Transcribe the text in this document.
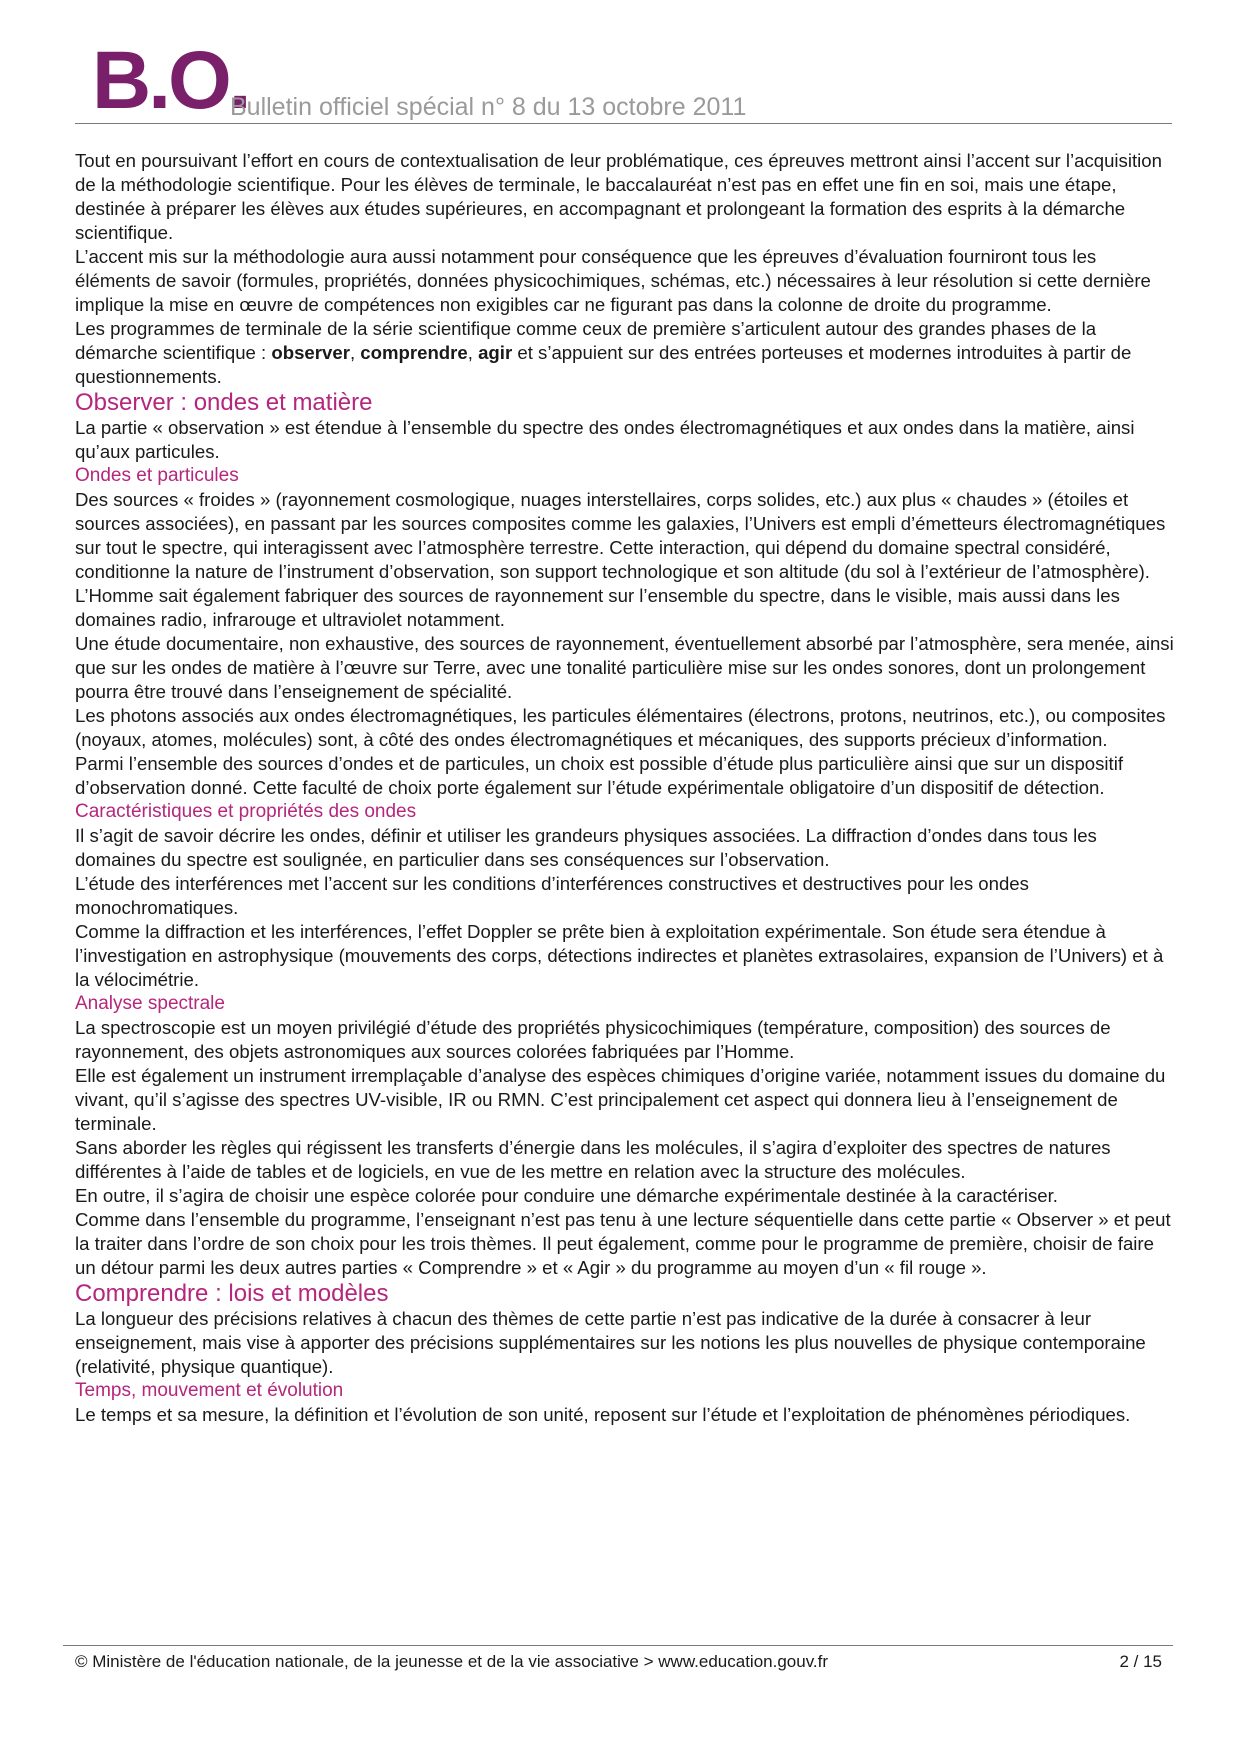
B.O.
Bulletin officiel spécial n° 8 du 13 octobre 2011

Tout en poursuivant l’effort en cours de contextualisation de leur problématique, ces épreuves mettront ainsi l’accent sur l’acquisition de la méthodologie scientifique. Pour les élèves de terminale, le baccalauréat n’est pas en effet une fin en soi, mais une étape, destinée à préparer les élèves aux études supérieures, en accompagnant et prolongeant la formation des esprits à la démarche scientifique.

L’accent mis sur la méthodologie aura aussi notamment pour conséquence que les épreuves d’évaluation fourniront tous les éléments de savoir (formules, propriétés, données physicochimiques, schémas, etc.) nécessaires à leur résolution si cette dernière implique la mise en œuvre de compétences non exigibles car ne figurant pas dans la colonne de droite du programme.

Les programmes de terminale de la série scientifique comme ceux de première s’articulent autour des grandes phases de la démarche scientifique : observer, comprendre, agir et s’appuient sur des entrées porteuses et modernes introduites à partir de questionnements.

Observer : ondes et matière

La partie « observation » est étendue à l’ensemble du spectre des ondes électromagnétiques et aux ondes dans la matière, ainsi qu’aux particules.

Ondes et particules

Des sources « froides » (rayonnement cosmologique, nuages interstellaires, corps solides, etc.) aux plus « chaudes » (étoiles et sources associées), en passant par les sources composites comme les galaxies, l’Univers est empli d’émetteurs électromagnétiques sur tout le spectre, qui interagissent avec l’atmosphère terrestre. Cette interaction, qui dépend du domaine spectral considéré, conditionne la nature de l’instrument d’observation, son support technologique et son altitude (du sol à l’extérieur de l’atmosphère).

L’Homme sait également fabriquer des sources de rayonnement sur l’ensemble du spectre, dans le visible, mais aussi dans les domaines radio, infrarouge et ultraviolet notamment.

Une étude documentaire, non exhaustive, des sources de rayonnement, éventuellement absorbé par l’atmosphère, sera menée, ainsi que sur les ondes de matière à l’œuvre sur Terre, avec une tonalité particulière mise sur les ondes sonores, dont un prolongement pourra être trouvé dans l’enseignement de spécialité.

Les photons associés aux ondes électromagnétiques, les particules élémentaires (électrons, protons, neutrinos, etc.), ou composites (noyaux, atomes, molécules) sont, à côté des ondes électromagnétiques et mécaniques, des supports précieux d’information.

Parmi l’ensemble des sources d’ondes et de particules, un choix est possible d’étude plus particulière ainsi que sur un dispositif d’observation donné. Cette faculté de choix porte également sur l’étude expérimentale obligatoire d’un dispositif de détection.

Caractéristiques et propriétés des ondes

Il s’agit de savoir décrire les ondes, définir et utiliser les grandeurs physiques associées. La diffraction d’ondes dans tous les domaines du spectre est soulignée, en particulier dans ses conséquences sur l’observation.

L’étude des interférences met l’accent sur les conditions d’interférences constructives et destructives pour les ondes monochromatiques.

Comme la diffraction et les interférences, l’effet Doppler se prête bien à exploitation expérimentale. Son étude sera étendue à l’investigation en astrophysique (mouvements des corps, détections indirectes et planètes extrasolaires, expansion de l’Univers) et à la vélocimétrie.

Analyse spectrale

La spectroscopie est un moyen privilégié d’étude des propriétés physicochimiques (température, composition) des sources de rayonnement, des objets astronomiques aux sources colorées fabriquées par l’Homme.

Elle est également un instrument irremplaçable d’analyse des espèces chimiques d’origine variée, notamment issues du domaine du vivant, qu’il s’agisse des spectres UV-visible, IR ou RMN. C’est principalement cet aspect qui donnera lieu à l’enseignement de terminale.

Sans aborder les règles qui régissent les transferts d’énergie dans les molécules, il s’agira d’exploiter des spectres de natures différentes à l’aide de tables et de logiciels, en vue de les mettre en relation avec la structure des molécules.

En outre, il s’agira de choisir une espèce colorée pour conduire une démarche expérimentale destinée à la caractériser.

Comme dans l’ensemble du programme, l’enseignant n’est pas tenu à une lecture séquentielle dans cette partie « Observer » et peut la traiter dans l’ordre de son choix pour les trois thèmes. Il peut également, comme pour le programme de première, choisir de faire un détour parmi les deux autres parties « Comprendre » et « Agir » du programme au moyen d’un « fil rouge ».

Comprendre : lois et modèles

La longueur des précisions relatives à chacun des thèmes de cette partie n’est pas indicative de la durée à consacrer à leur enseignement, mais vise à apporter des précisions supplémentaires sur les notions les plus nouvelles de physique contemporaine (relativité, physique quantique).

Temps, mouvement et évolution

Le temps et sa mesure, la définition et l’évolution de son unité, reposent sur l’étude et l’exploitation de phénomènes périodiques.

© Ministère de l'éducation nationale, de la jeunesse et de la vie associative > www.education.gouv.fr	2 / 15
